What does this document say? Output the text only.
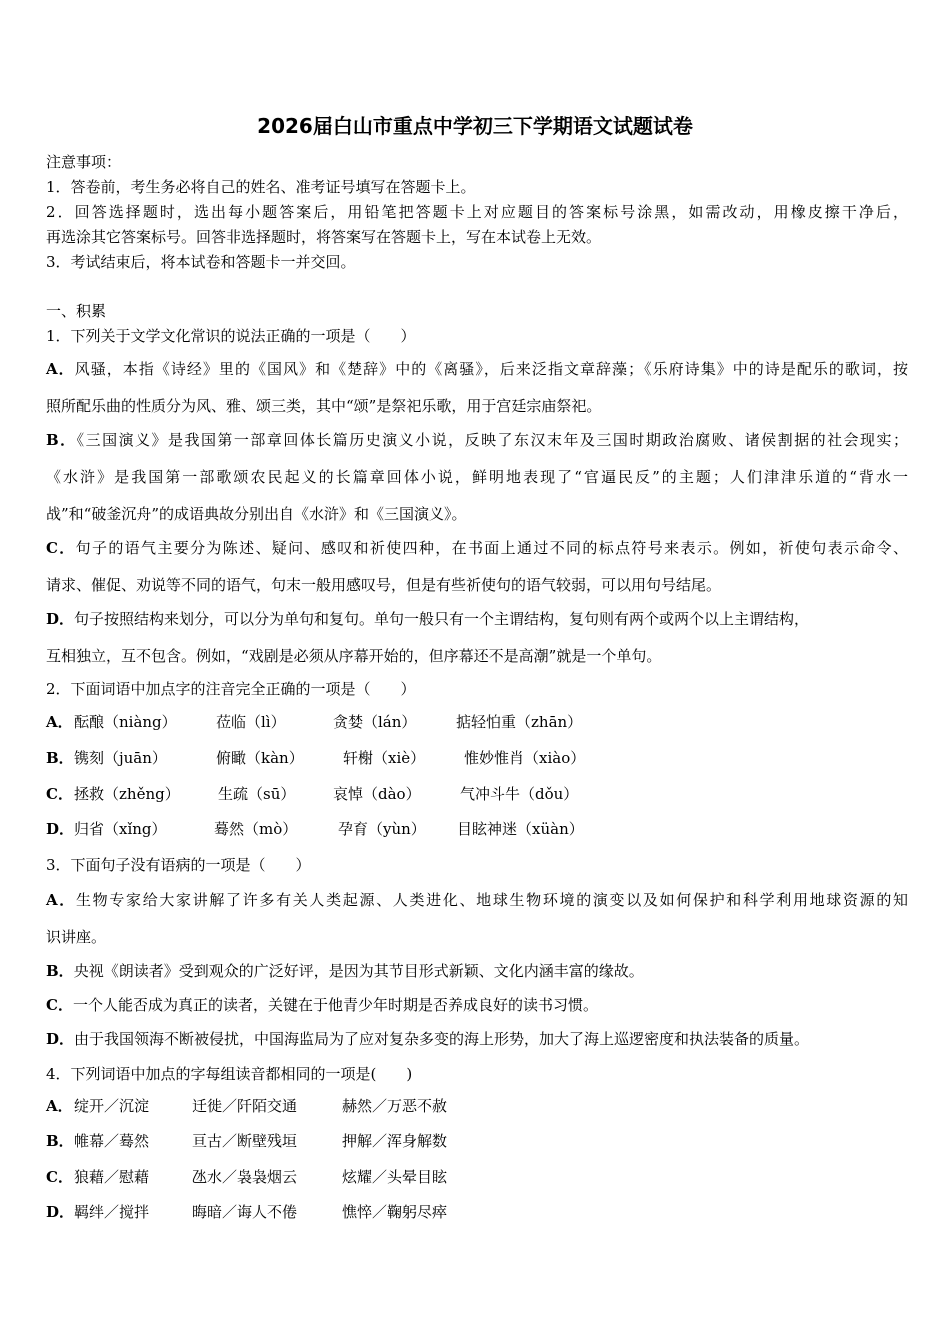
2026届白山市重点中学初三下学期语文试题试卷
注意事项：
1．答卷前，考生务必将自己的姓名、准考证号填写在答题卡上。
2．回答选择题时，选出每小题答案后，用铅笔把答题卡上对应题目的答案标号涂黑，如需改动，用橡皮擦干净后，
再选涂其它答案标号。回答非选择题时，将答案写在答题卡上，写在本试卷上无效。
3．考试结束后，将本试卷和答题卡一并交回。
一、积累
1．下列关于文学文化常识的说法正确的一项是（　　）
A．风骚，本指《诗经》里的《国风》和《楚辞》中的《离骚》，后来泛指文章辞藻；《乐府诗集》中的诗是配乐的歌词，按
照所配乐曲的性质分为风、雅、颂三类，其中“颂”是祭祀乐歌，用于宫廷宗庙祭祀。
B．《三国演义》是我国第一部章回体长篇历史演义小说，反映了东汉末年及三国时期政治腐败、诸侯割据的社会现实；
《水浒》是我国第一部歌颂农民起义的长篇章回体小说，鲜明地表现了“官逼民反”的主题；人们津津乐道的“背水一
战”和“破釜沉舟”的成语典故分别出自《水浒》和《三国演义》。
C．句子的语气主要分为陈述、疑问、感叹和祈使四种，在书面上通过不同的标点符号来表示。例如，祈使句表示命令、
请求、催促、劝说等不同的语气，句末一般用感叹号，但是有些祈使句的语气较弱，可以用句号结尾。
D．句子按照结构来划分，可以分为单句和复句。单句一般只有一个主谓结构，复句则有两个或两个以上主谓结构，
互相独立，互不包含。例如，“戏剧是必须从序幕开始的，但序幕还不是高潮”就是一个单句。
2．下面词语中加点字的注音完全正确的一项是（　　）
A． 酝酿（niàng）	莅临（lì）	贪婪（lán）	掂轻怕重（zhān）
B． 镌刻（juān）	俯瞰（kàn）	轩榭（xiè）	惟妙惟肖（xiào）
C． 拯救（zhěng）	生疏（sū）	哀悼（dào）	气冲斗牛（dǒu）
D． 归省（xǐng）	蓦然（mò）	孕育（yùn） 目眩神迷（xüàn）
3．下面句子没有语病的一项是（　　）
A．生物专家给大家讲解了许多有关人类起源、人类进化、地球生物环境的演变以及如何保护和科学利用地球资源的知
识讲座。
B．央视《朗读者》受到观众的广泛好评，是因为其节目形式新颖、文化内涵丰富的缘故。
C．一个人能否成为真正的读者，关键在于他青少年时期是否养成良好的读书习惯。
D．由于我国领海不断被侵扰，中国海监局为了应对复杂多变的海上形势，加大了海上巡逻密度和执法装备的质量。
4．下列词语中加点的字每组读音都相同的一项是(　　)
A． 绽开／沉淀	迁徙／阡陌交通	赫然／万恶不赦
B． 帷幕／蓦然	亘古／断壁残垣	押解／浑身解数
C． 狼藉／慰藉	氹水／袅袅烟云	炫耀／头晕目眩
D． 羁绊／搅拌	晦暗／诲人不倦	憔悴／鞠躬尽瘁
